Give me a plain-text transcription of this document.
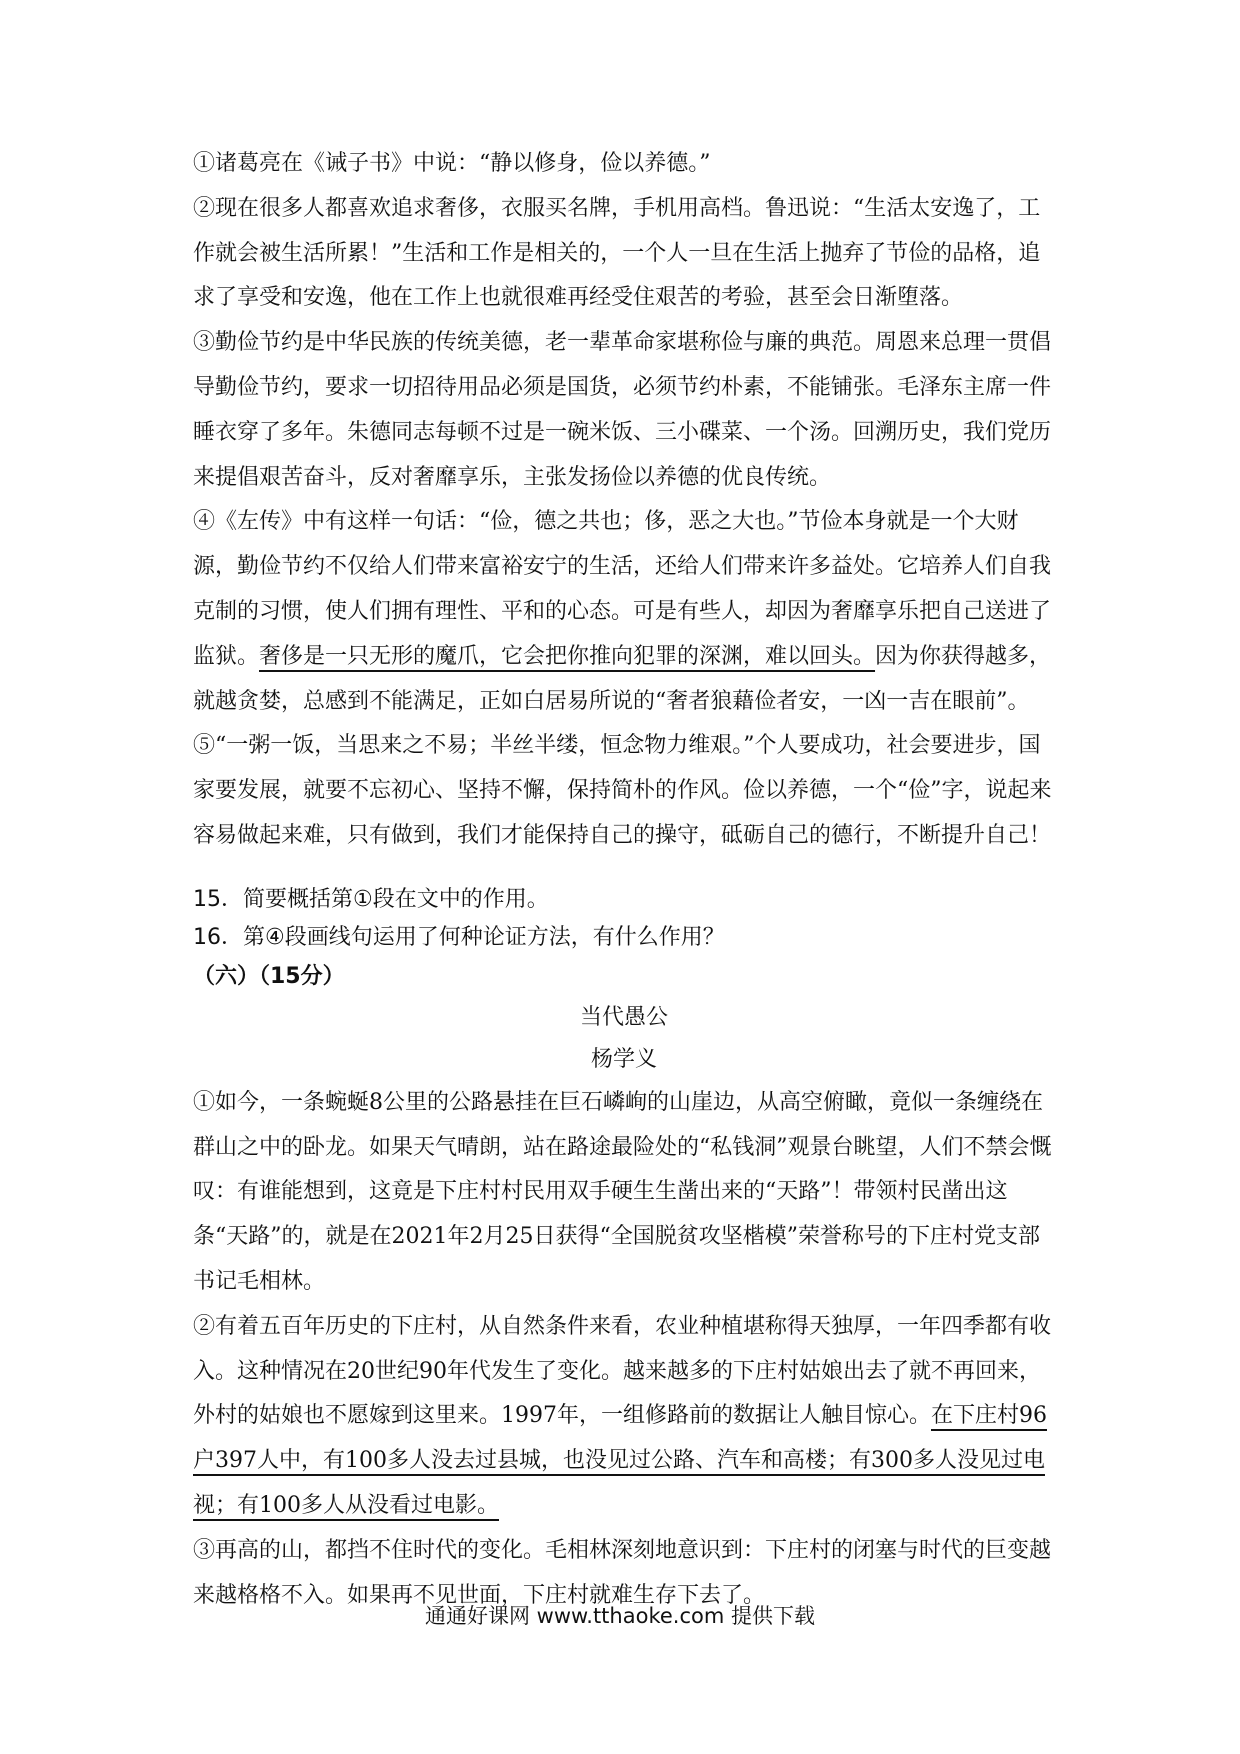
①诸葛亮在《诫子书》中说：“静以修身，俭以养德。”

②现在很多人都喜欢追求奢侈，衣服买名牌，手机用高档。鲁迅说：“生活太安逸了，工作就会被生活所累！”生活和工作是相关的，一个人一旦在生活上抛弃了节俭的品格，追求了享受和安逸，他在工作上也就很难再经受住艰苦的考验，甚至会日渐堕落。

③勤俭节约是中华民族的传统美德，老一辈革命家堪称俭与廉的典范。周恩来总理一贯倡导勤俭节约，要求一切招待用品必须是国货，必须节约朴素，不能铺张。毛泽东主席一件睡衣穿了多年。朱德同志每顿不过是一碗米饭、三小碟菜、一个汤。回溯历史，我们党历来提倡艰苦奋斗，反对奢靡享乐，主张发扬俭以养德的优良传统。

④《左传》中有这样一句话：“俭，德之共也；侈，恶之大也。”节俭本身就是一个大财源，勤俭节约不仅给人们带来富裕安宁的生活，还给人们带来许多益处。它培养人们自我克制的习惯，使人们拥有理性、平和的心态。可是有些人，却因为奢靡享乐把自己送进了监狱。奢侈是一只无形的魔爪，它会把你推向犯罪的深渊，难以回头。因为你获得越多，就越贪婪，总感到不能满足，正如白居易所说的“奢者狼藉俭者安，一凶一吉在眼前”。

⑤“一粥一饭，当思来之不易；半丝半缕，恒念物力维艰。”个人要成功，社会要进步，国家要发展，就要不忘初心、坚持不懈，保持简朴的作风。俭以养德，一个“俭”字，说起来容易做起来难，只有做到，我们才能保持自己的操守，砥砺自己的德行，不断提升自己！

15．简要概括第①段在文中的作用。

16．第④段画线句运用了何种论证方法，有什么作用？

（六）（15分）

当代愚公

杨学义

①如今，一条蜿蜒8公里的公路悬挂在巨石嶙峋的山崖边，从高空俯瞰，竟似一条缠绕在群山之中的卧龙。如果天气晴朗，站在路途最险处的“私钱洞”观景台眺望，人们不禁会慨叹：有谁能想到，这竟是下庄村村民用双手硬生生凿出来的“天路”！带领村民凿出这条“天路”的，就是在2021年2月25日获得“全国脱贫攻坚楷模”荣誉称号的下庄村党支部书记毛相林。

②有着五百年历史的下庄村，从自然条件来看，农业种植堪称得天独厚，一年四季都有收入。这种情况在20世纪90年代发生了变化。越来越多的下庄村姑娘出去了就不再回来，外村的姑娘也不愿嫁到这里来。1997年，一组修路前的数据让人触目惊心。在下庄村96户397人中，有100多人没去过县城，也没见过公路、汽车和高楼；有300多人没见过电视；有100多人从没看过电影。

③再高的山，都挡不住时代的变化。毛相林深刻地意识到：下庄村的闭塞与时代的巨变越来越格格不入。如果再不见世面，下庄村就难生存下去了。

通通好课网 www.tthaoke.com 提供下载
